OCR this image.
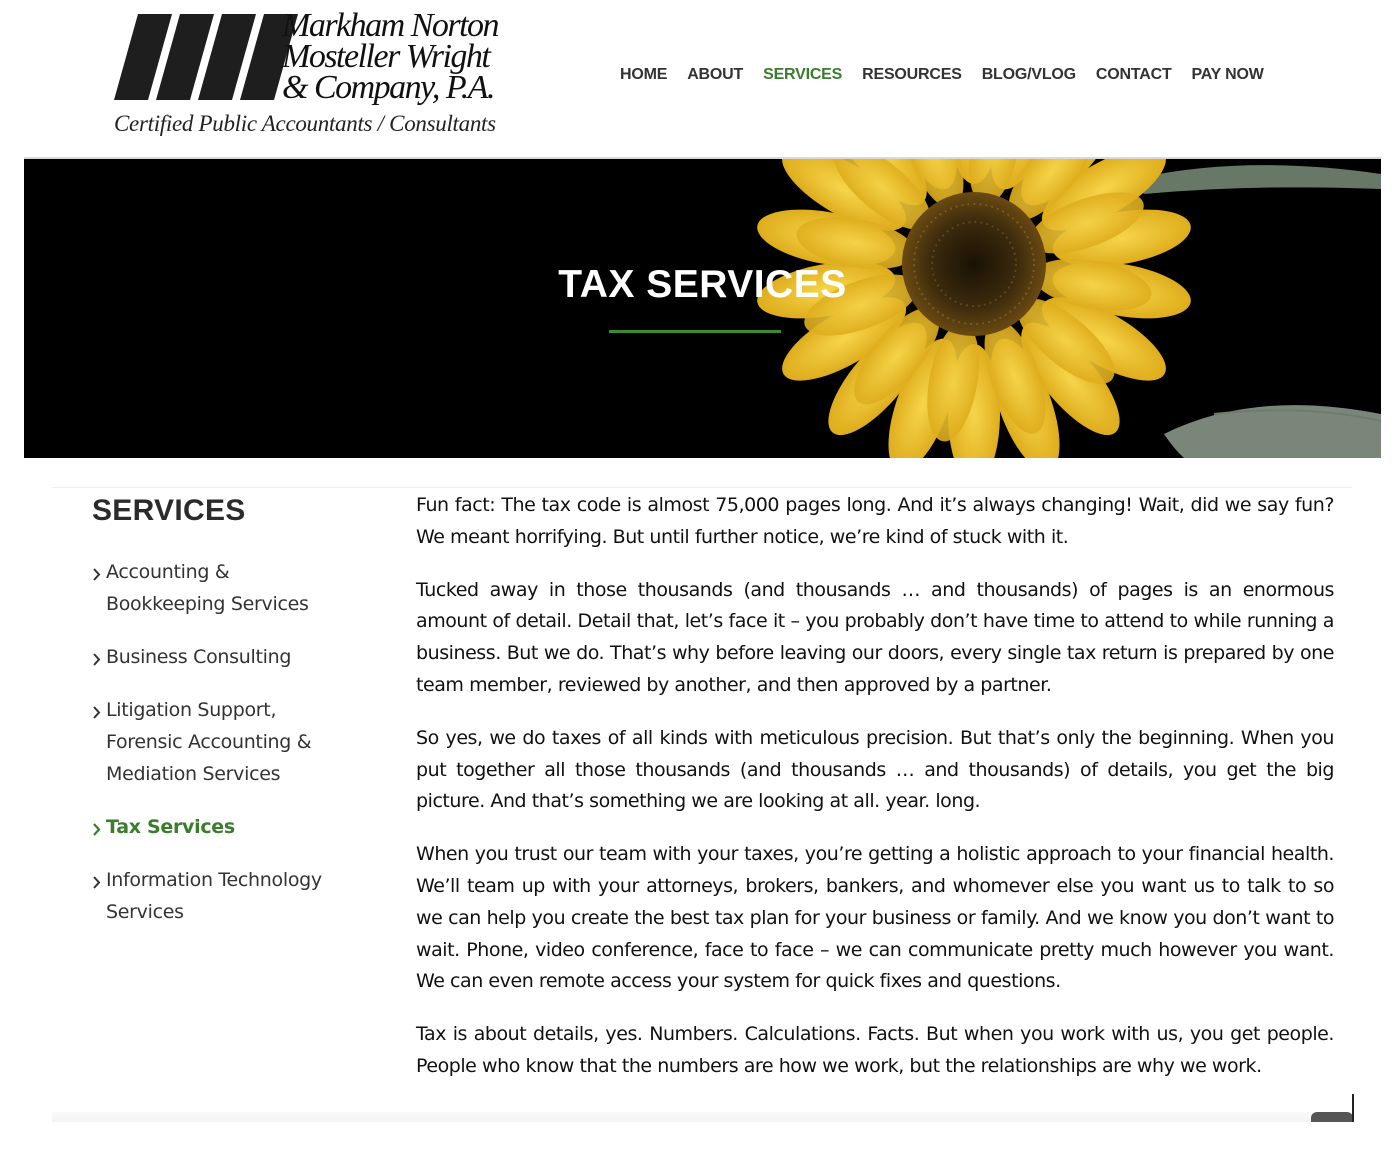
Markham Norton
Mosteller Wright
& Company, P.A.
Certified Public Accountants / Consultants
HOME ABOUT SERVICES RESOURCES BLOG/VLOG CONTACT PAY NOW
TAX SERVICES
SERVICES
Accounting &
Bookkeeping Services
Business Consulting
Litigation Support,
Forensic Accounting &
Mediation Services
Tax Services
Information Technology
Services

Fun fact: The tax code is almost 75,000 pages long. And it’s always changing! Wait, did we say fun? We meant horrifying. But until further notice, we’re kind of stuck with it.

Tucked away in those thousands (and thousands … and thousands) of pages is an enormous amount of detail. Detail that, let’s face it – you probably don’t have time to attend to while running a business. But we do. That’s why before leaving our doors, every single tax return is prepared by one team member, reviewed by another, and then approved by a partner.

So yes, we do taxes of all kinds with meticulous precision. But that’s only the beginning. When you put together all those thousands (and thousands … and thousands) of details, you get the big picture. And that’s something we are looking at all. year. long.

When you trust our team with your taxes, you’re getting a holistic approach to your financial health. We’ll team up with your attorneys, brokers, bankers, and whomever else you want us to talk to so we can help you create the best tax plan for your business or family. And we know you don’t want to wait. Phone, video conference, face to face – we can communicate pretty much however you want. We can even remote access your system for quick fixes and questions.

Tax is about details, yes. Numbers. Calculations. Facts. But when you work with us, you get people. People who know that the numbers are how we work, but the relationships are why we work.
